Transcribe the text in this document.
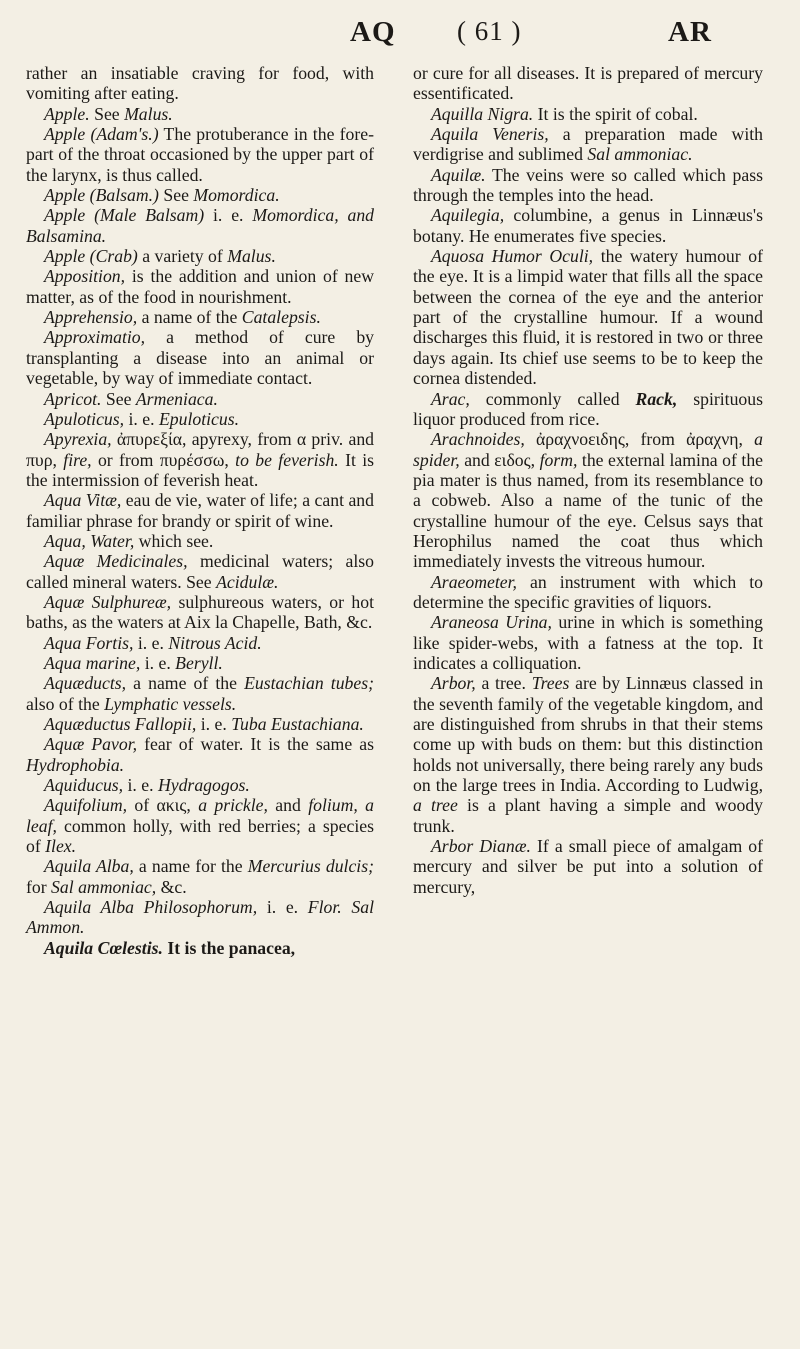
AQ ( 61 )	AR

rather an insatiable craving for food, with vomiting after eating.

Apple. See Malus.

Apple (Adam's.) The protuberance in the fore-part of the throat occasioned by the upper part of the larynx, is thus called.

Apple (Balsam.) See Momordica.

Apple (Male Balsam) i. e. Momordica, and Balsamina.

Apple (Crab) a variety of Malus.

Apposition, is the addition and union of new matter, as of the food in nourishment.

Apprehensio, a name of the Catalepsis.

Approximatio, a method of cure by transplanting a disease into an animal or vegetable, by way of immediate contact.

Apricot. See Armeniaca.

Apuloticus, i. e. Epuloticus.

Apyrexia, ἀπυρεξία, apyrexy, from α priv. and πυρ, fire, or from πυρέσσω, to be feverish. It is the intermission of feverish heat.

Aqua Vitæ, eau de vie, water of life; a cant and familiar phrase for brandy or spirit of wine.

Aqua, Water, which see.

Aquæ Medicinales, medicinal waters; also called mineral waters. See Acidulæ.

Aquæ Sulphureæ, sulphureous waters, or hot baths, as the waters at Aix la Chapelle, Bath, &c.

Aqua Fortis, i. e. Nitrous Acid.

Aqua marine, i. e. Beryll.

Aquæducts, a name of the Eustachian tubes; also of the Lymphatic vessels.

Aquæductus Fallopii, i. e. Tuba Eustachiana.

Aquæ Pavor, fear of water. It is the same as Hydrophobia.

Aquiducus, i. e. Hydragogos.

Aquifolium, of ακις, a prickle, and folium, a leaf, common holly, with red berries; a species of Ilex.

Aquila Alba, a name for the Mercurius dulcis; for Sal ammoniac, &c.

Aquila Alba Philosophorum, i. e. Flor. Sal Ammon.

Aquila Cœlestis. It is the panacea,

or cure for all diseases. It is prepared of mercury essentificated.

Aquilla Nigra. It is the spirit of cobal.

Aquila Veneris, a preparation made with verdigrise and sublimed Sal ammoniac.

Aquilæ. The veins were so called which pass through the temples into the head.

Aquilegia, columbine, a genus in Linnæus's botany. He enumerates five species.

Aquosa Humor Oculi, the watery humour of the eye. It is a limpid water that fills all the space between the cornea of the eye and the anterior part of the crystalline humour. If a wound discharges this fluid, it is restored in two or three days again. Its chief use seems to be to keep the cornea distended.

Arac, commonly called Rack, spirituous liquor produced from rice.

Arachnoides, ἀραχνοειδης, from ἀραχνη, a spider, and ειδος, form, the external lamina of the pia mater is thus named, from its resemblance to a cobweb. Also a name of the tunic of the crystalline humour of the eye. Celsus says that Herophilus named the coat thus which immediately invests the vitreous humour.

Araeometer, an instrument with which to determine the specific gravities of liquors.

Araneosa Urina, urine in which is something like spider-webs, with a fatness at the top. It indicates a colliquation.

Arbor, a tree. Trees are by Linnæus classed in the seventh family of the vegetable kingdom, and are distinguished from shrubs in that their stems come up with buds on them: but this distinction holds not universally, there being rarely any buds on the large trees in India. According to Ludwig, a tree is a plant having a simple and woody trunk.

Arbor Dianæ. If a small piece of amalgam of mercury and silver be put into a solution of mercury,
